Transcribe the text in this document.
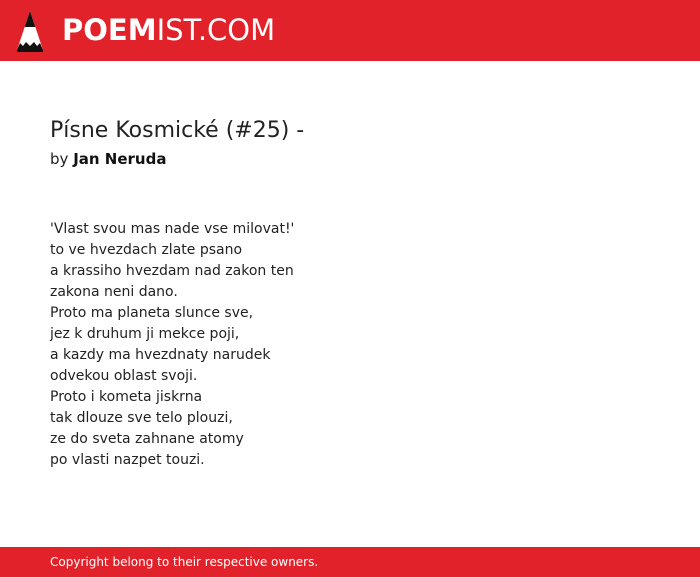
POEMIST.COM
Písne Kosmické (#25) -
by Jan Neruda
'Vlast svou mas nade vse milovat!'
to ve hvezdach zlate psano
a krassiho hvezdam nad zakon ten
zakona neni dano.
Proto ma planeta slunce sve,
jez k druhum ji mekce poji,
a kazdy ma hvezdnaty narudek
odvekou oblast svoji.
Proto i kometa jiskrna
tak dlouze sve telo plouzi,
ze do sveta zahnane atomy
po vlasti nazpet touzi.
Copyright belong to their respective owners.
